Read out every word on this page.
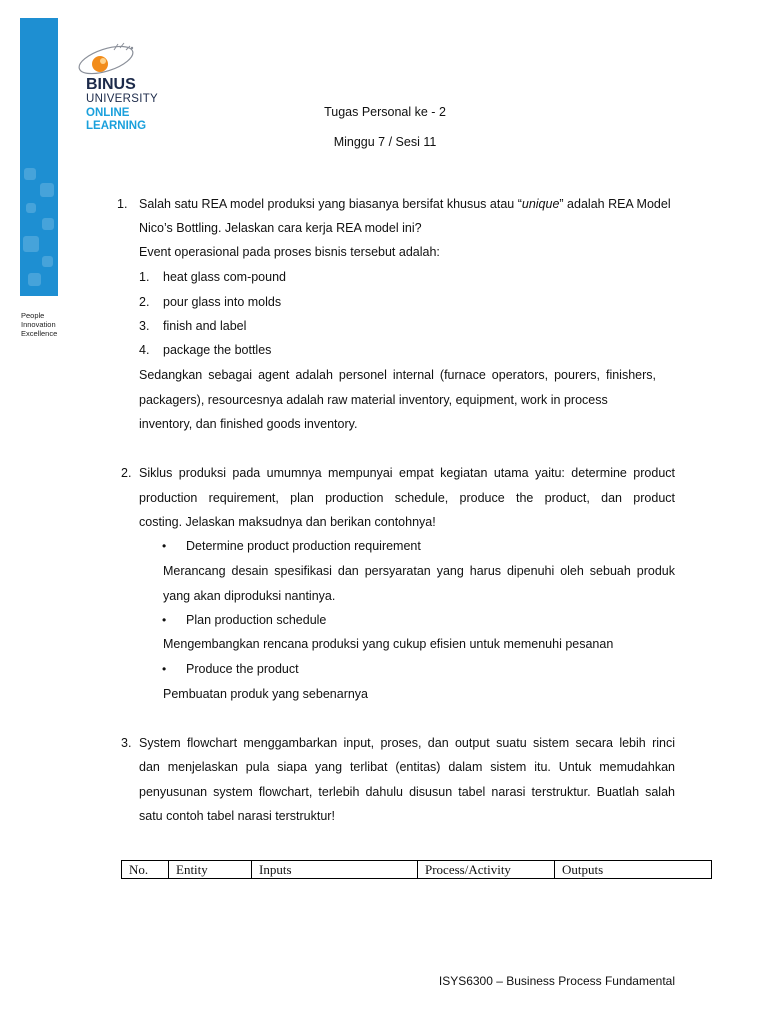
People
Innovation
Excellence
BINUS
UNIVERSITY
ONLINE
LEARNING
Tugas Personal ke - 2
Minggu 7 / Sesi 11
1. Salah satu REA model produksi yang biasanya bersifat khusus atau “unique” adalah REA Model
Nico’s Bottling. Jelaskan cara kerja REA model ini?
Event operasional pada proses bisnis tersebut adalah:
1. heat glass com-pound
2. pour glass into molds
3. finish and label
4. package the bottles
Sedangkan sebagai agent adalah personel internal (furnace operators, pourers, finishers,
packagers), resourcesnya adalah raw material inventory, equipment, work in process
inventory, dan finished goods inventory.
2. Siklus produksi pada umumnya mempunyai empat kegiatan utama yaitu: determine product
production requirement, plan production schedule, produce the product, dan product
costing. Jelaskan maksudnya dan berikan contohnya!
• Determine product production requirement
Merancang desain spesifikasi dan persyaratan yang harus dipenuhi oleh sebuah produk
yang akan diproduksi nantinya.
• Plan production schedule
Mengembangkan rencana produksi yang cukup efisien untuk memenuhi pesanan
• Produce the product
Pembuatan produk yang sebenarnya
3. System flowchart menggambarkan input, proses, dan output suatu sistem secara lebih rinci
dan menjelaskan pula siapa yang terlibat (entitas) dalam sistem itu. Untuk memudahkan
penyusunan system flowchart, terlebih dahulu disusun tabel narasi terstruktur. Buatlah salah
satu contoh tabel narasi terstruktur!
No.	Entity	Inputs	Process/Activity	Outputs
ISYS6300 – Business Process Fundamental
